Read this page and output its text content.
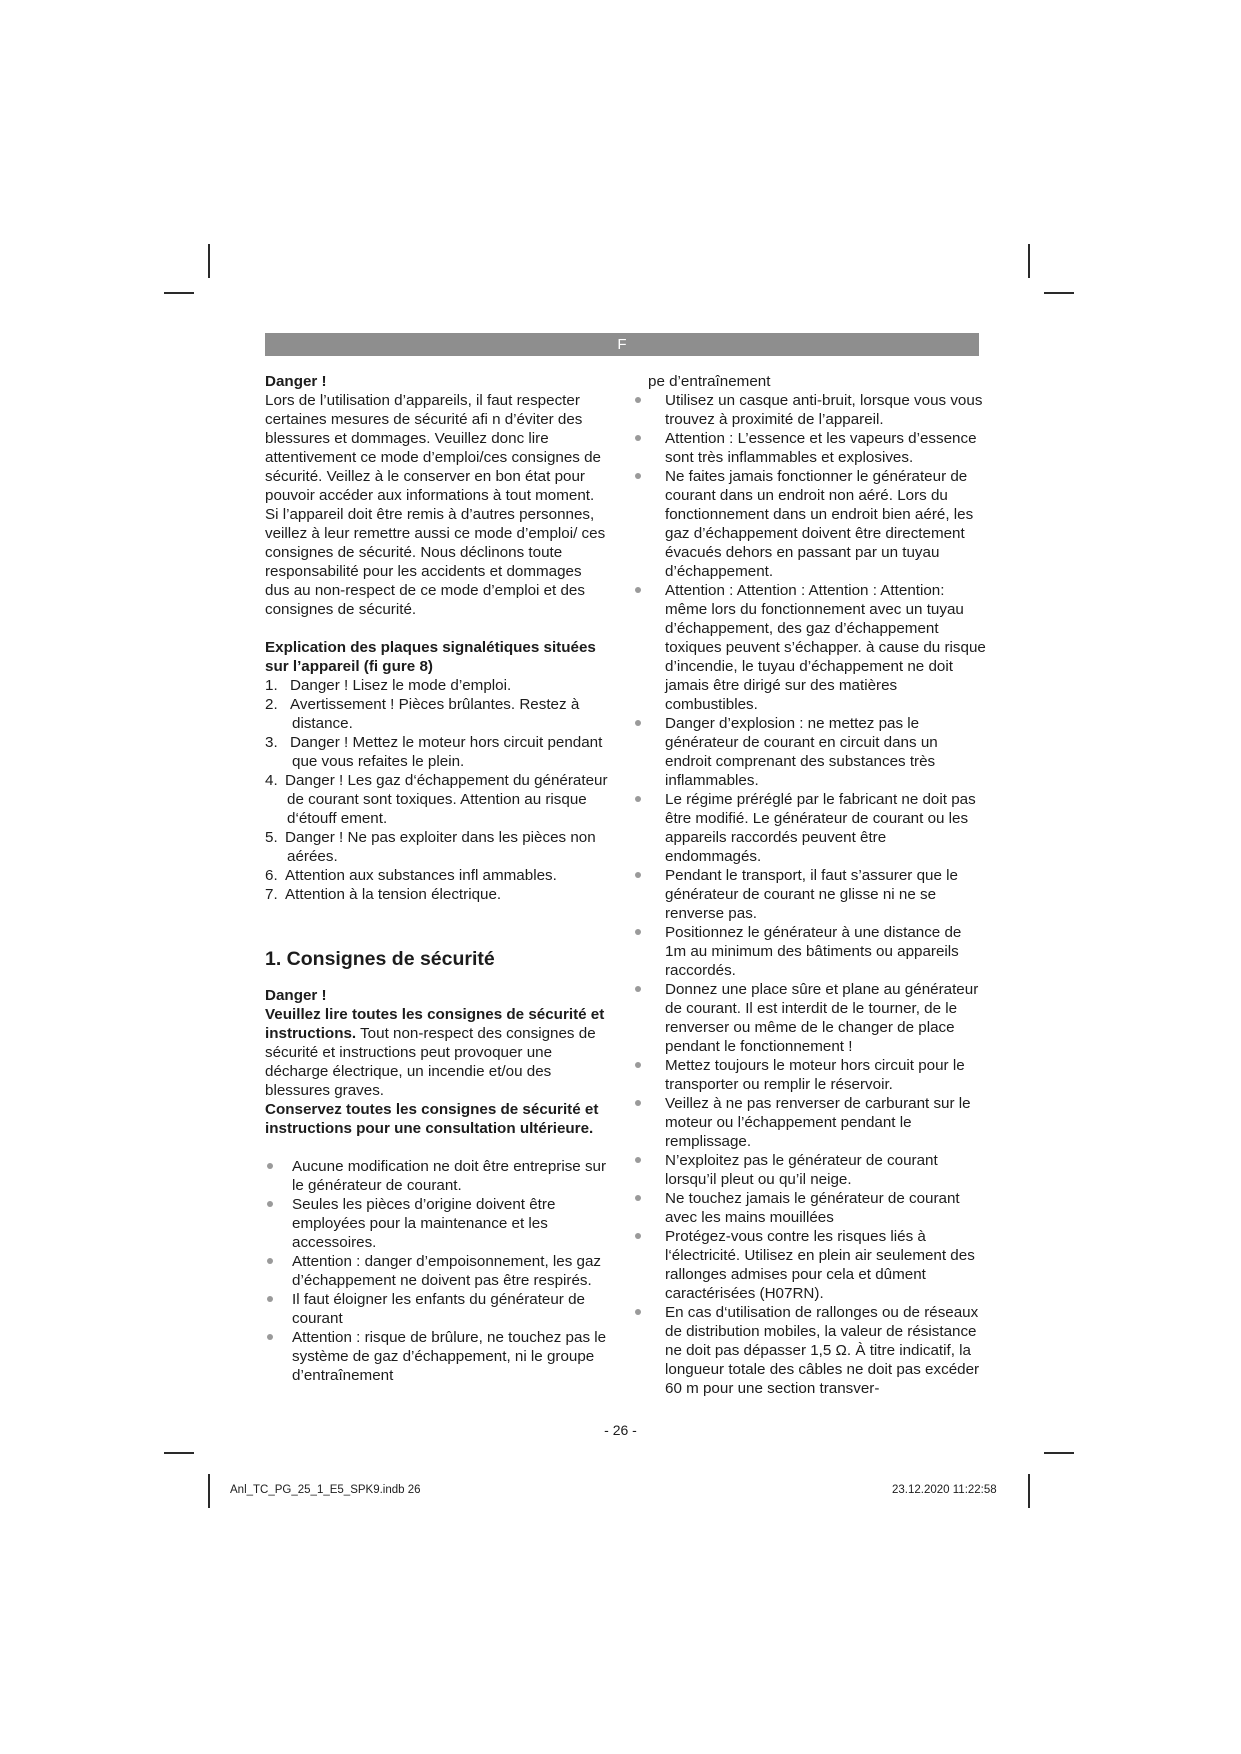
F

Danger !

Lors de l’utilisation d’appareils, il faut respecter certaines mesures de sécurité afi n d’éviter des blessures et dommages. Veuillez donc lire attentivement ce mode d’emploi/ces consignes de sécurité. Veillez à le conserver en bon état pour pouvoir accéder aux informations à tout moment. Si l’appareil doit être remis à d’autres personnes, veillez à leur remettre aussi ce mode d’emploi/ ces consignes de sécurité. Nous déclinons toute responsabilité pour les accidents et dommages dus au non-respect de ce mode d’emploi et des consignes de sécurité.

Explication des plaques signalétiques situées sur l’appareil (fi gure 8)

1. Danger ! Lisez le mode d’emploi.
2. Avertissement ! Pièces brûlantes. Restez à distance.
3. Danger ! Mettez le moteur hors circuit pendant que vous refaites le plein.
4. Danger ! Les gaz d‘échappement du générateur de courant sont toxiques. Attention au risque d‘étouff ement.
5. Danger ! Ne pas exploiter dans les pièces non aérées.
6. Attention aux substances infl ammables.
7. Attention à la tension électrique.
1. Consignes de sécurité

Danger !

Veuillez lire toutes les consignes de sécurité et instructions. Tout non-respect des consignes de sécurité et instructions peut provoquer une décharge électrique, un incendie et/ou des blessures graves.

Conservez toutes les consignes de sécurité et instructions pour une consultation ultérieure.

Aucune modification ne doit être entreprise sur le générateur de courant.
Seules les pièces d’origine doivent être employées pour la maintenance et les accessoires.
Attention : danger d’empoisonnement, les gaz d’échappement ne doivent pas être respirés.
Il faut éloigner les enfants du générateur de courant
Attention : risque de brûlure, ne touchez pas le système de gaz d’échappement, ni le groupe d’entraînement

pe d’entraînement

Utilisez un casque anti-bruit, lorsque vous vous trouvez à proximité de l’appareil.
Attention : L’essence et les vapeurs d’essence sont très inflammables et explosives.
Ne faites jamais fonctionner le générateur de courant dans un endroit non aéré. Lors du fonctionnement dans un endroit bien aéré, les gaz d’échappement doivent être directement évacués dehors en passant par un tuyau d’échappement.
Attention : Attention : Attention : Attention: même lors du fonctionnement avec un tuyau d’échappement, des gaz d’échappement toxiques peuvent s’échapper. à cause du risque d’incendie, le tuyau d’échappement ne doit jamais être dirigé sur des matières combustibles.
Danger d’explosion : ne mettez pas le générateur de courant en circuit dans un endroit comprenant des substances très inflammables.
Le régime préréglé par le fabricant ne doit pas être modifié. Le générateur de courant ou les appareils raccordés peuvent être endommagés.
Pendant le transport, il faut s’assurer que le générateur de courant ne glisse ni ne se renverse pas.
Positionnez le générateur à une distance de 1m au minimum des bâtiments ou appareils raccordés.
Donnez une place sûre et plane au générateur de courant. Il est interdit de le tourner, de le renverser ou même de le changer de place pendant le fonctionnement !
Mettez toujours le moteur hors circuit pour le transporter ou remplir le réservoir.
Veillez à ne pas renverser de carburant sur le moteur ou l’échappement pendant le remplissage.
N’exploitez pas le générateur de courant lorsqu’il pleut ou qu’il neige.
Ne touchez jamais le générateur de courant avec les mains mouillées
Protégez-vous contre les risques liés à l‘électricité. Utilisez en plein air seulement des rallonges admises pour cela et dûment caractérisées (H07RN).
En cas d‘utilisation de rallonges ou de réseaux de distribution mobiles, la valeur de résistance ne doit pas dépasser 1,5 Ω. À titre indicatif, la longueur totale des câbles ne doit pas excéder 60 m pour une section transver-
- 26 -
Anl_TC_PG_25_1_E5_SPK9.indb 26	23.12.2020 11:22:58
